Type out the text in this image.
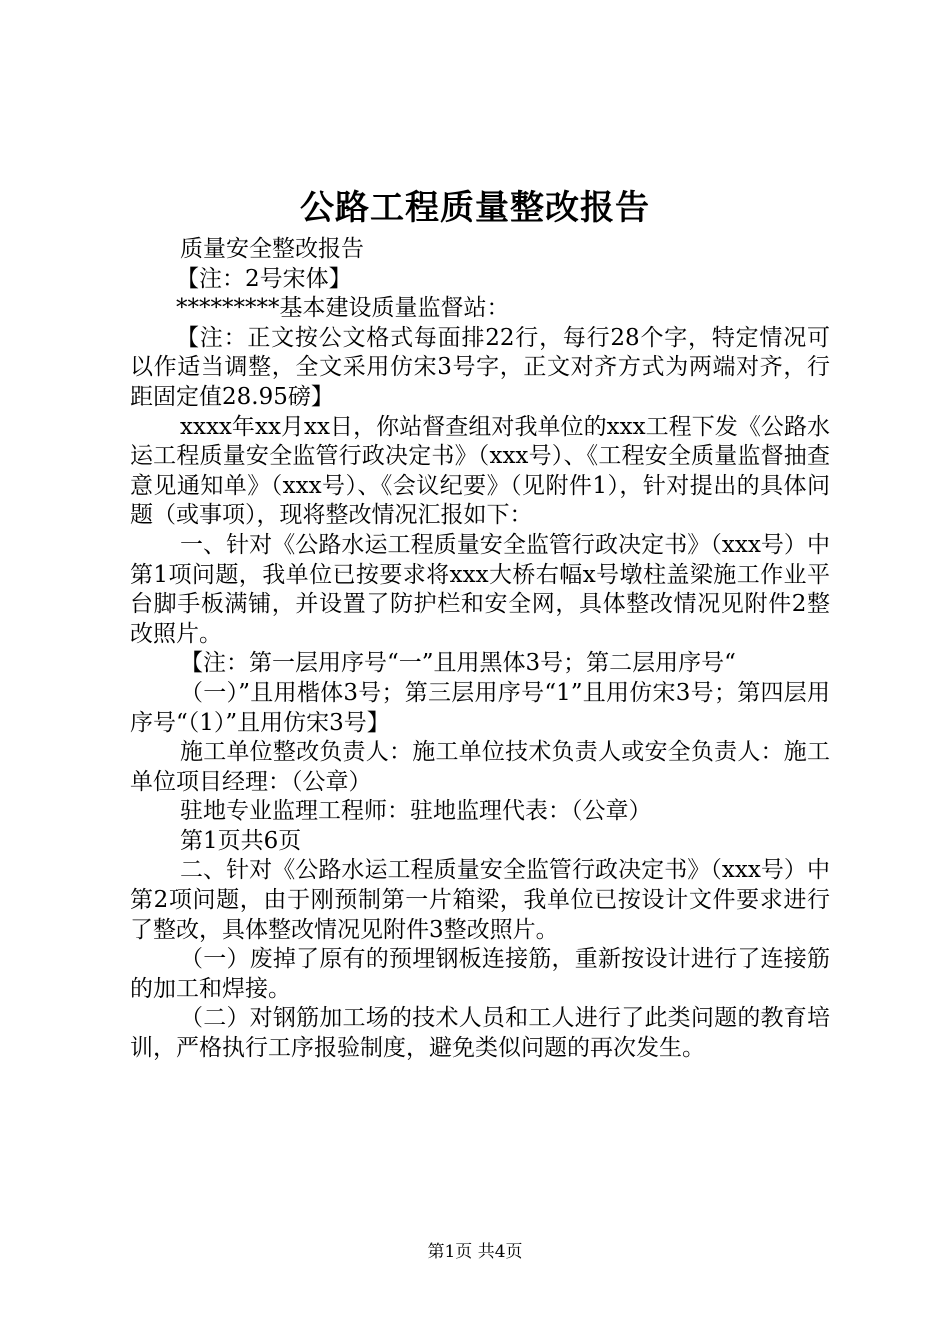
公路工程质量整改报告

质量安全整改报告

【注：2号宋体】

*********基本建设质量监督站：

【注：正文按公文格式每面排22行，每行28个字，特定情况可以作适当调整，全文采用仿宋3号字，正文对齐方式为两端对齐，行距固定值28.95磅】

xxxx年xx月xx日，你站督查组对我单位的xxx工程下发《公路水运工程质量安全监管行政决定书》（xxx号）、《工程安全质量监督抽查意见通知单》（xxx号）、《会议纪要》（见附件1），针对提出的具体问题（或事项），现将整改情况汇报如下：

一、针对《公路水运工程质量安全监管行政决定书》（xxx号）中第1项问题，我单位已按要求将xxx大桥右幅x号墩柱盖梁施工作业平台脚手板满铺，并设置了防护栏和安全网，具体整改情况见附件2整改照片。

【注：第一层用序号“一”且用黑体3号；第二层用序号“

（一）”且用楷体3号；第三层用序号“1”且用仿宋3号；第四层用序号“（1）”且用仿宋3号】

施工单位整改负责人：施工单位技术负责人或安全负责人：施工单位项目经理：（公章）

驻地专业监理工程师：驻地监理代表：（公章）

第1页共6页

二、针对《公路水运工程质量安全监管行政决定书》（xxx号）中第2项问题，由于刚预制第一片箱梁，我单位已按设计文件要求进行了整改，具体整改情况见附件3整改照片。

（一）废掉了原有的预埋钢板连接筋，重新按设计进行了连接筋的加工和焊接。

（二）对钢筋加工场的技术人员和工人进行了此类问题的教育培训，严格执行工序报验制度，避免类似问题的再次发生。

第1页 共4页
